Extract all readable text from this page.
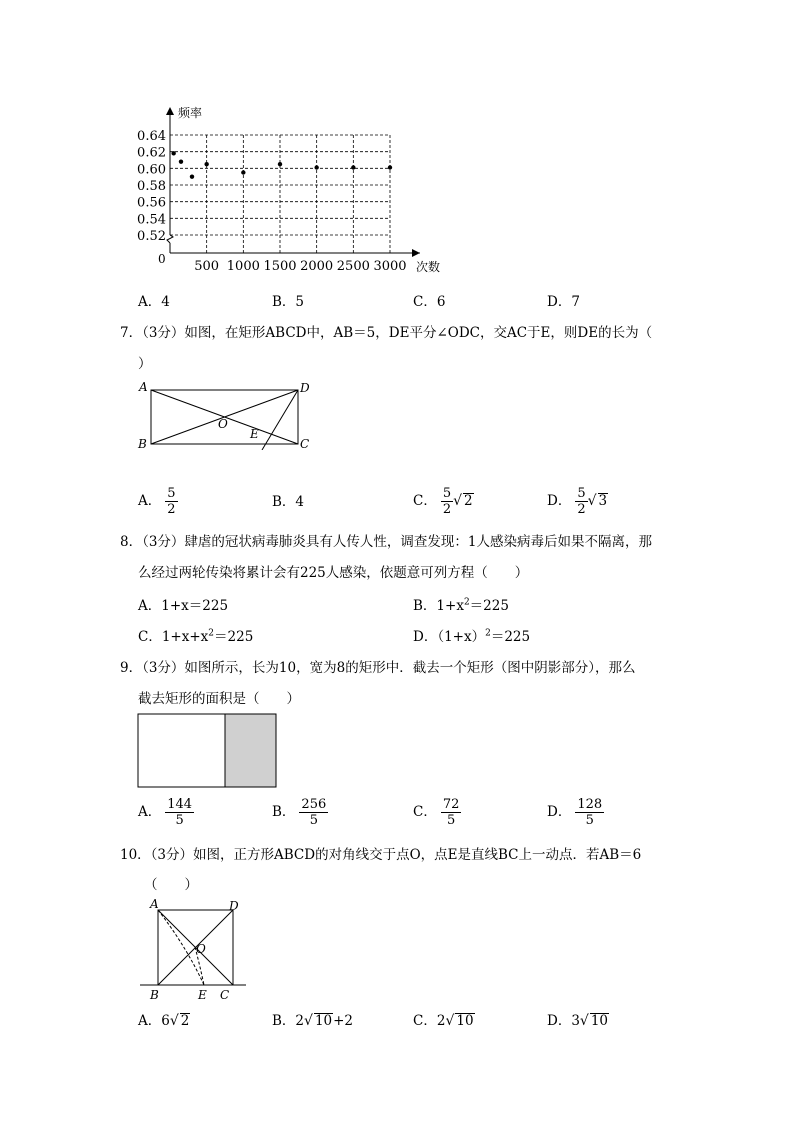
0.52
0.54
0.56
0.58
0.60
0.62
0.64
500 1000 1500 2000 2500 3000
频率
次数
0
A．4	B．5	C．6	D．7
7．（3分）如图，在矩形ABCD中，AB＝5，DE平分∠ODC，交AC于E，则DE的长为（
）
A
B	C
D
O
E
A． $\frac{5}{2}$	B．4	C． $\frac{5}{2}$ √ 2	D． $\frac{5}{2}$ √ 3
8．（3分）肆虐的冠状病毒肺炎具有人传人性，调查发现：1人感染病毒后如果不隔离，那
么经过两轮传染将累计会有225人感染，依题意可列方程（　　）
A．1+x＝225	B．$1+x^2=225$
C．$1+x+x^2=225$	D．$(1+x)^2=225$
9．（3分）如图所示，长为10，宽为8的矩形中．截去一个矩形（图中阴影部分），那么
截去矩形的面积是（　　）
A． $\frac{144}{5}$	B． $\frac{256}{5}$	C． $\frac{72}{5}$	D． $\frac{128}{5}$
10．（3分）如图，正方形ABCD的对角线交于点O，点E是直线BC上一动点．若AB＝6
（　　）
A
B	C
D
O
E
A．6√ 2	B．2√ 10+2	C．2√ 10	D．3√ 10
